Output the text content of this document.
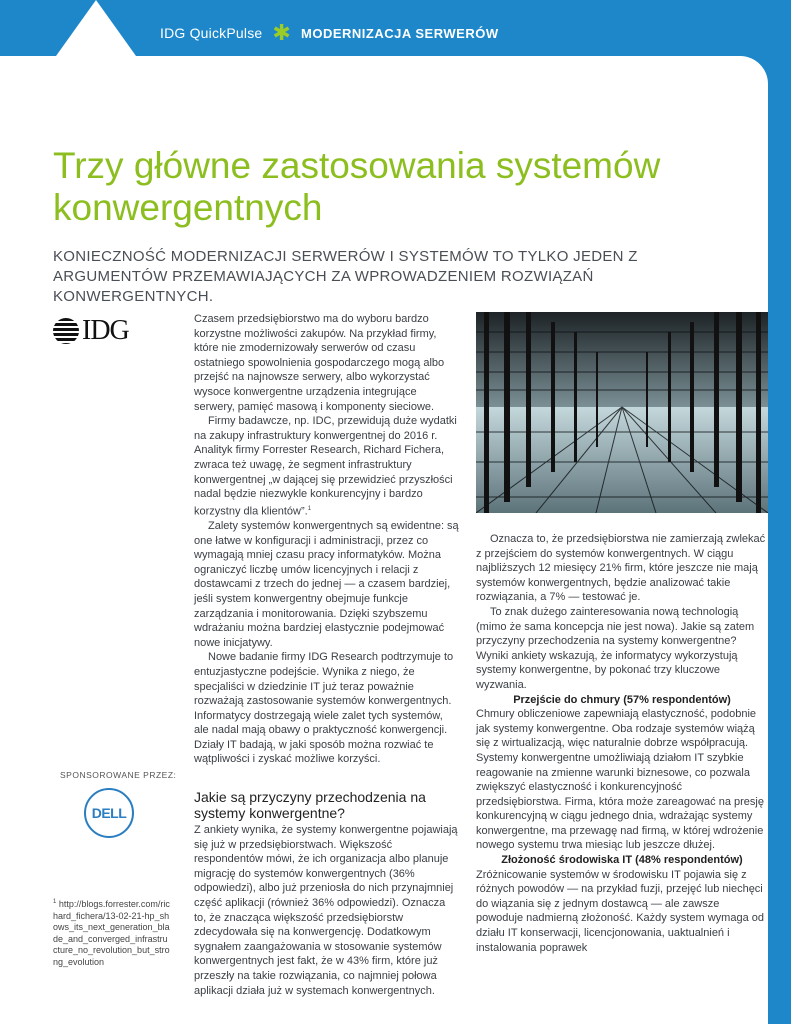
IDG QuickPulse ✱ MODERNIZACJA SERWERÓW
Trzy główne zastosowania systemów konwergentnych

KONIECZNOŚĆ MODERNIZACJI SERWERÓW I SYSTEMÓW TO TYLKO JEDEN Z ARGUMENTÓW PRZEMAWIAJĄCYCH ZA WPROWADZENIEM ROZWIĄZAŃ KONWERGENTNYCH.

IDG	Czasem przedsiębiorstwo ma do wyboru bardzo korzystne możliwości zakupów. Na przykład firmy, które nie zmodernizowały serwerów od czasu ostatniego spowolnienia gospodarczego mogą albo przejść na najnowsze serwery, albo wykorzystać wysoce konwergentne urządzenia integrujące serwery, pamięć masową i komponenty sieciowe.

Firmy badawcze, np. IDC, przewidują duże wydatki na zakupy infrastruktury konwergentnej do 2016 r. Analityk firmy Forrester Research, Richard Fichera, zwraca też uwagę, że segment infrastruktury konwergentnej „w dającej się przewidzieć przyszłości nadal będzie niezwykle konkurencyjny i bardzo korzystny dla klientów”.$^1$

Zalety systemów konwergentnych są ewidentne: są one łatwe w konfiguracji i administracji, przez co wymagają mniej czasu pracy informatyków. Można ograniczyć liczbę umów licencyjnych i relacji z dostawcami z trzech do jednej — a czasem bardziej, jeśli system konwergentny obejmuje funkcje zarządzania i monitorowania. Dzięki szybszemu wdrażaniu można bardziej elastycznie podejmować nowe inicjatywy.

Nowe badanie firmy IDG Research podtrzymuje to entuzjastyczne podejście. Wynika z niego, że specjaliści w dziedzinie IT już teraz poważnie rozważają zastosowanie systemów konwergentnych. Informatycy dostrzegają wiele zalet tych systemów, ale nadal mają obawy o praktyczność konwergencji. Działy IT badają, w jaki sposób można rozwiać te wątpliwości i zyskać możliwe korzyści.

Jakie są przyczyny przechodzenia na systemy konwergentne?

Z ankiety wynika, że systemy konwergentne pojawiają się już w przedsiębiorstwach. Większość respondentów mówi, że ich organizacja albo planuje migrację do systemów konwergentnych (36% odpowiedzi), albo już przeniosła do nich przynajmniej część aplikacji (również 36% odpowiedzi). Oznacza to, że znacząca większość przedsiębiorstw zdecydowała się na konwergencję. Dodatkowym sygnałem zaangażowania w stosowanie systemów konwergentnych jest fakt, że w 43% firm, które już przeszły na takie rozwiązania, co najmniej połowa aplikacji działa już w systemach konwergentnych.

Oznacza to, że przedsiębiorstwa nie zamierzają zwlekać z przejściem do systemów konwergentnych. W ciągu najbliższych 12 miesięcy 21% firm, które jeszcze nie mają systemów konwergentnych, będzie analizować takie rozwiązania, a 7% — testować je.

To znak dużego zainteresowania nową technologią (mimo że sama koncepcja nie jest nowa). Jakie są zatem przyczyny przechodzenia na systemy konwergentne? Wyniki ankiety wskazują, że informatycy wykorzystują systemy konwergentne, by pokonać trzy kluczowe wyzwania.

Przejście do chmury (57% respondentów)

Chmury obliczeniowe zapewniają elastyczność, podobnie jak systemy konwergentne. Oba rodzaje systemów wiążą się z wirtualizacją, więc naturalnie dobrze współpracują. Systemy konwergentne umożliwiają działom IT szybkie reagowanie na zmienne warunki biznesowe, co pozwala zwiększyć elastyczność i konkurencyjność przedsiębiorstwa. Firma, która może zareagować na presję konkurencyjną w ciągu jednego dnia, wdrażając systemy konwergentne, ma przewagę nad firmą, w której wdrożenie nowego systemu trwa miesiąc lub jeszcze dłużej.

Złożoność środowiska IT (48% respondentów)

Zróżnicowanie systemów w środowisku IT pojawia się z różnych powodów — na przykład fuzji, przejęć lub niechęci do wiązania się z jednym dostawcą — ale zawsze powoduje nadmierną złożoność. Każdy system wymaga od działu IT konserwacji, licencjonowania, uaktualnień i instalowania poprawek

SPONSOROWANE PRZEZ:
DELL
$^1$ http://blogs.forrester.com/richard_fichera/13-02-21-hp_shows_its_next_generation_blade_and_converged_infrastructure_no_revolution_but_strong_evolution
